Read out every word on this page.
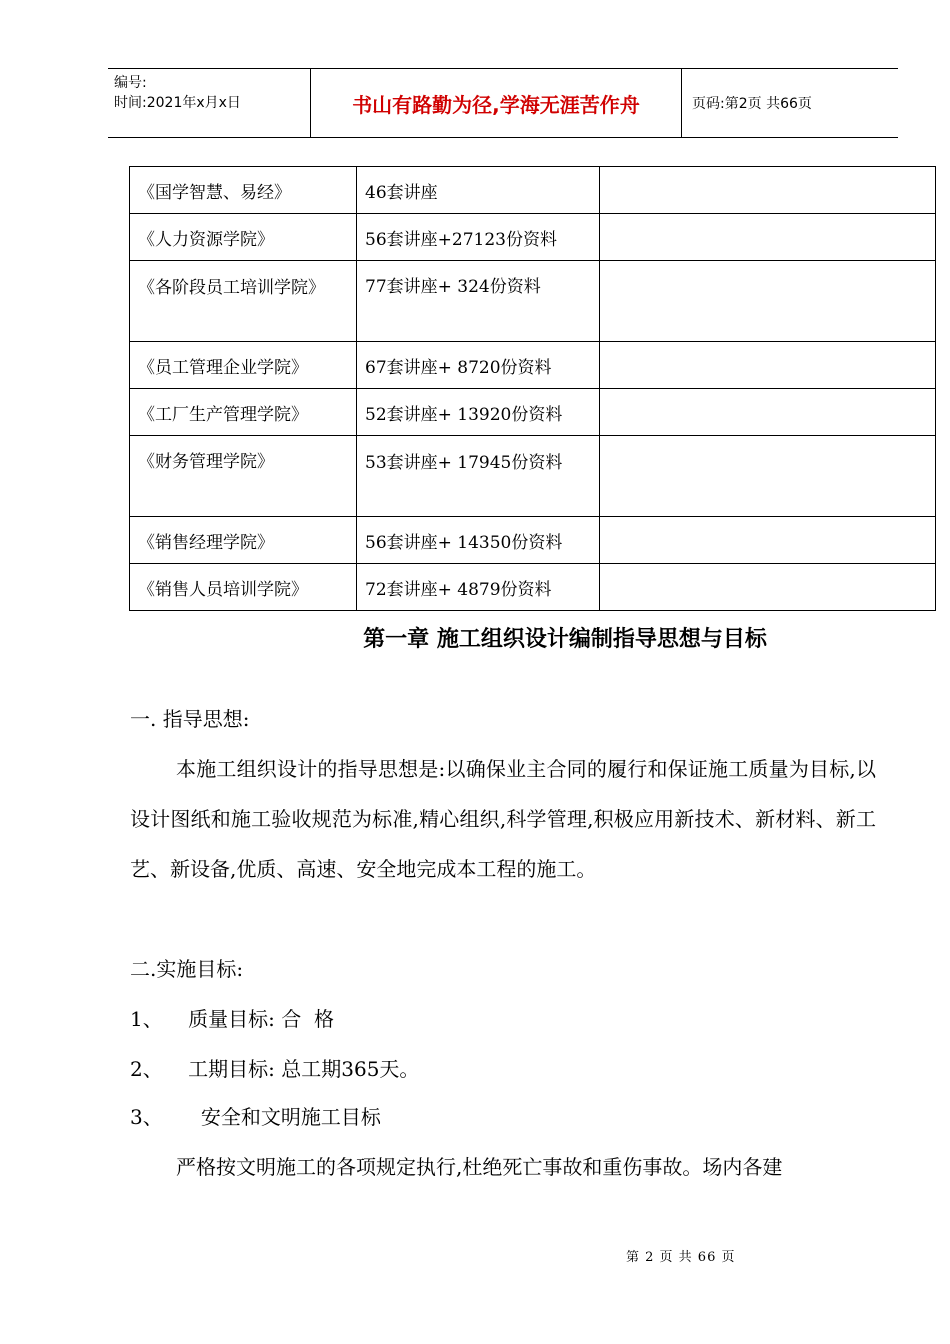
编号:
时间:2021年x月x日	书山有路勤为径,学海无涯苦作舟	页码:第2页 共66页
《国学智慧、易经》	46套讲座	
《人力资源学院》	56套讲座+27123份资料	
《各阶段员工培训学院》	77套讲座+ 324份资料	
《员工管理企业学院》	67套讲座+ 8720份资料	
《工厂生产管理学院》	52套讲座+ 13920份资料	
《财务管理学院》	53套讲座+ 17945份资料	
《销售经理学院》	56套讲座+ 14350份资料	
《销售人员培训学院》	72套讲座+ 4879份资料	
第一章 施工组织设计编制指导思想与目标
一. 指导思想:
本施工组织设计的指导思想是:以确保业主合同的履行和保证施工质量为目标,以设计图纸和施工验收规范为标准,精心组织,科学管理,积极应用新技术、新材料、新工艺、新设备,优质、高速、安全地完成本工程的施工。
二.实施目标:
1、    质量目标: 合  格
2、    工期目标: 总工期365天。
3、      安全和文明施工目标
严格按文明施工的各项规定执行,杜绝死亡事故和重伤事故。场内各建
第 2 页 共 66 页
